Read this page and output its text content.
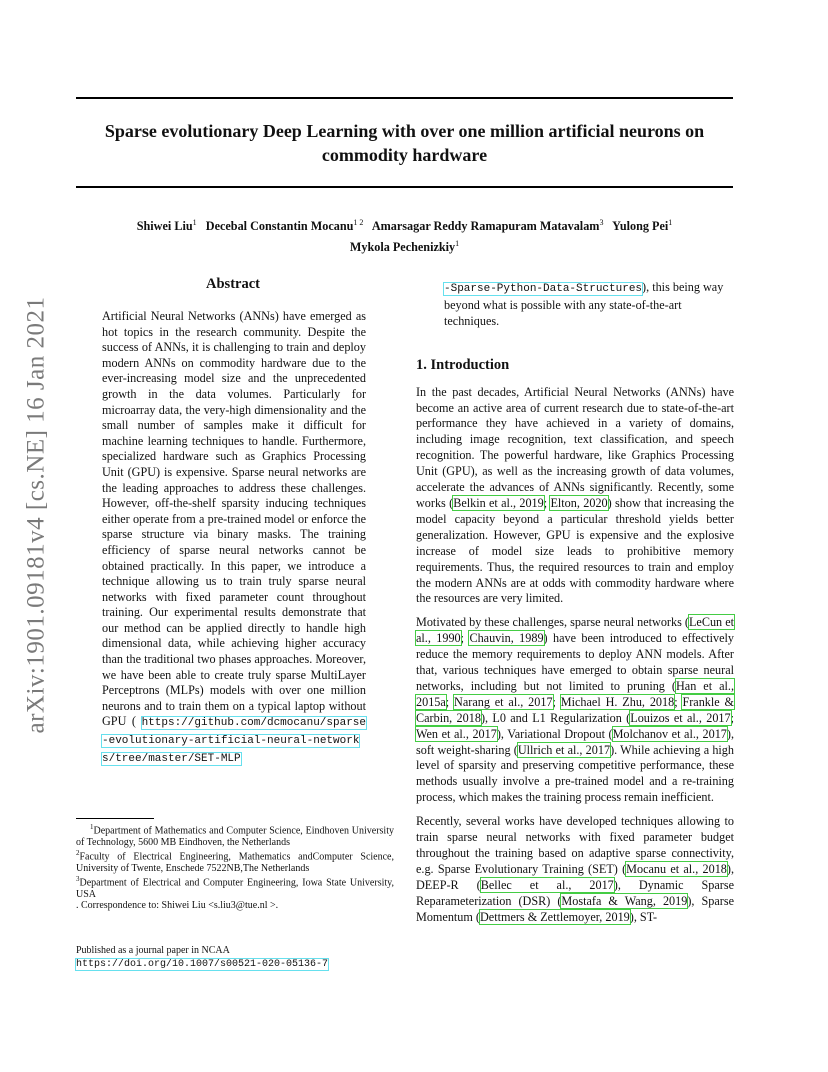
Sparse evolutionary Deep Learning with over one million artificial neurons on commodity hardware
Shiwei Liu$^1$ Decebal Constantin Mocanu$^{1 2}$ Amarsagar Reddy Ramapuram Matavalam$^3$ Yulong Pei$^1$
Mykola Pechenizkiy$^1$
arXiv:1901.09181v4 [cs.NE] 16 Jan 2021
Abstract
Artificial Neural Networks (ANNs) have emerged as hot topics in the research community. Despite the success of ANNs, it is challenging to train and deploy modern ANNs on commodity hardware due to the ever-increasing model size and the unprecedented growth in the data volumes. Particularly for microarray data, the very-high dimensionality and the small number of samples make it difficult for machine learning techniques to handle. Furthermore, specialized hardware such as Graphics Processing Unit (GPU) is expensive. Sparse neural networks are the leading approaches to address these challenges. However, off-the-shelf sparsity inducing techniques either operate from a pre-trained model or enforce the sparse structure via binary masks. The training efficiency of sparse neural networks cannot be obtained practically. In this paper, we introduce a technique allowing us to train truly sparse neural networks with fixed parameter count throughout training. Our experimental results demonstrate that our method can be applied directly to handle high dimensional data, while achieving higher accuracy than the traditional two phases approaches. Moreover, we have been able to create truly sparse MultiLayer Perceptrons (MLPs) models with over one million neurons and to train them on a typical laptop without GPU ( https://github.com/dcmocanu/sparse-evolutionary-artificial-neural-networks/tree/master/SET-MLP

$^1$Department of Mathematics and Computer Science, Eindhoven University of Technology, 5600 MB Eindhoven, the Netherlands

$^2$Faculty of Electrical Engineering, Mathematics andComputer Science, University of Twente, Enschede 7522NB,The Netherlands

$^3$Department of Electrical and Computer Engineering, Iowa State University, USA

. Correspondence to: Shiwei Liu <s.liu3@tue.nl >.

Published as a journal paper in NCAA
https://doi.org/10.1007/s00521-020-05136-7

-Sparse-Python-Data-Structures), this being way beyond what is possible with any state-of-the-art techniques.

1. Introduction

In the past decades, Artificial Neural Networks (ANNs) have become an active area of current research due to state-of-the-art performance they have achieved in a variety of domains, including image recognition, text classification, and speech recognition. The powerful hardware, like Graphics Processing Unit (GPU), as well as the increasing growth of data volumes, accelerate the advances of ANNs significantly. Recently, some works (Belkin et al., 2019; Elton, 2020) show that increasing the model capacity beyond a particular threshold yields better generalization. However, GPU is expensive and the explosive increase of model size leads to prohibitive memory requirements. Thus, the required resources to train and employ the modern ANNs are at odds with commodity hardware where the resources are very limited.

Motivated by these challenges, sparse neural networks (LeCun et al., 1990; Chauvin, 1989) have been introduced to effectively reduce the memory requirements to deploy ANN models. After that, various techniques have emerged to obtain sparse neural networks, including but not limited to pruning (Han et al., 2015a; Narang et al., 2017; Michael H. Zhu, 2018; Frankle & Carbin, 2018), L0 and L1 Regularization (Louizos et al., 2017; Wen et al., 2017), Variational Dropout (Molchanov et al., 2017), soft weight-sharing (Ullrich et al., 2017). While achieving a high level of sparsity and preserving competitive performance, these methods usually involve a pre-trained model and a re-training process, which makes the training process remain inefficient.

Recently, several works have developed techniques allowing to train sparse neural networks with fixed parameter budget throughout the training based on adaptive sparse connectivity, e.g. Sparse Evolutionary Training (SET) (Mocanu et al., 2018), DEEP-R (Bellec et al., 2017), Dynamic Sparse Reparameterization (DSR) (Mostafa & Wang, 2019), Sparse Momentum (Dettmers & Zettlemoyer, 2019), ST-
